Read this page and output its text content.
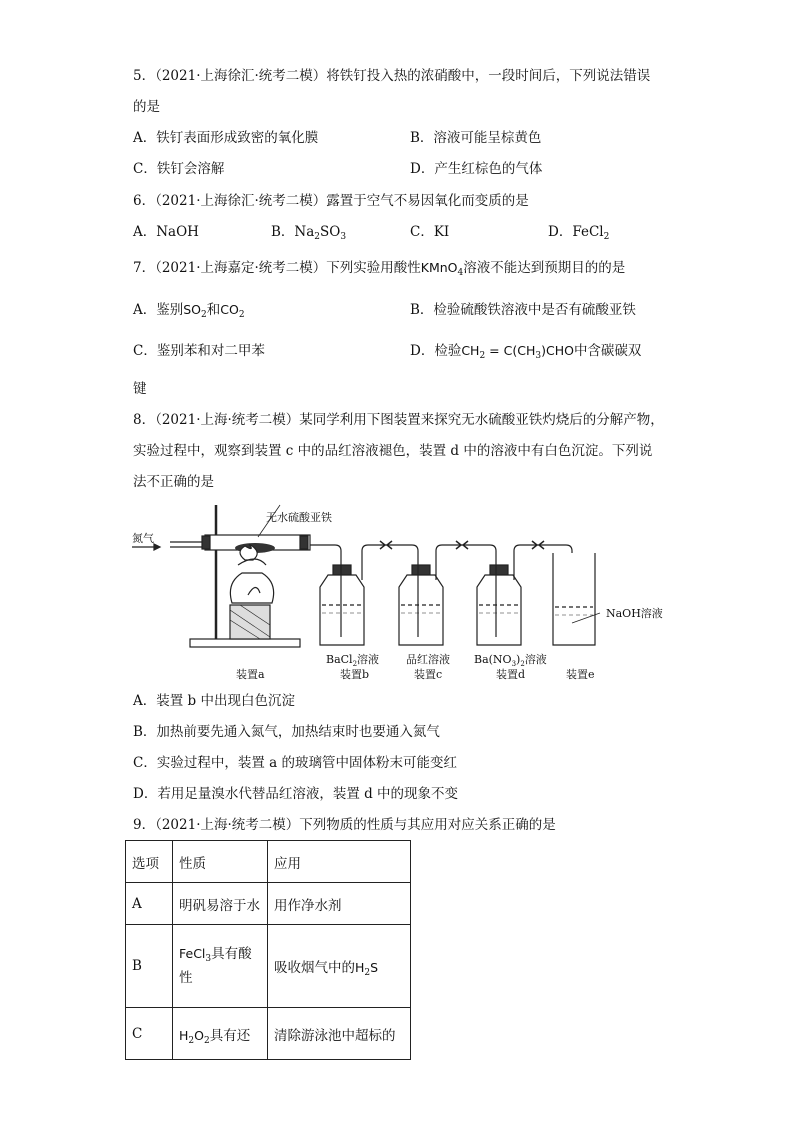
5．（2021·上海徐汇·统考二模）将铁钉投入热的浓硝酸中，一段时间后，下列说法错误
的是
A．铁钉表面形成致密的氧化膜	B．溶液可能呈棕黄色
C．铁钉会溶解	D．产生红棕色的气体
6．（2021·上海徐汇·统考二模）露置于空气不易因氧化而变质的是
A．NaOH	B．$Na_2SO_3$	C．KI	D．FeCl$_2$
7．（2021·上海嘉定·统考二模）下列实验用酸性KMnO$_4$溶液不能达到预期目的的是
A．鉴别$SO_2$和$CO_2$	B．检验硫酸铁溶液中是否有硫酸亚铁
C．鉴别苯和对二甲苯	D．检验$CH_2 = C(CH_3)CHO$中含碳碳双
键
8．（2021·上海·统考二模）某同学利用下图装置来探究无水硫酸亚铁灼烧后的分解产物，
实验过程中，观察到装置 c 中的品红溶液褪色，装置 d 中的溶液中有白色沉淀。下列说
法不正确的是
无水硫酸亚铁
氮气
NaOH溶液
BaCl$_2$溶液 品红溶液 $Ba(NO_3)_2$溶液
装置a	装置b	装置c	装置d	装置e
A．装置 b 中出现白色沉淀
B．加热前要先通入氮气，加热结束时也要通入氮气
C．实验过程中，装置 a 的玻璃管中固体粉末可能变红
D．若用足量溴水代替品红溶液，装置 d 中的现象不变
9．（2021·上海·统考二模）下列物质的性质与其应用对应关系正确的是
选项	性质	应用
A	明矾易溶于水	用作净水剂
B	FeCl$_3$具有酸
性	吸收烟气中的$H_2S$
C	$H_2O_2$具有还	清除游泳池中超标的
